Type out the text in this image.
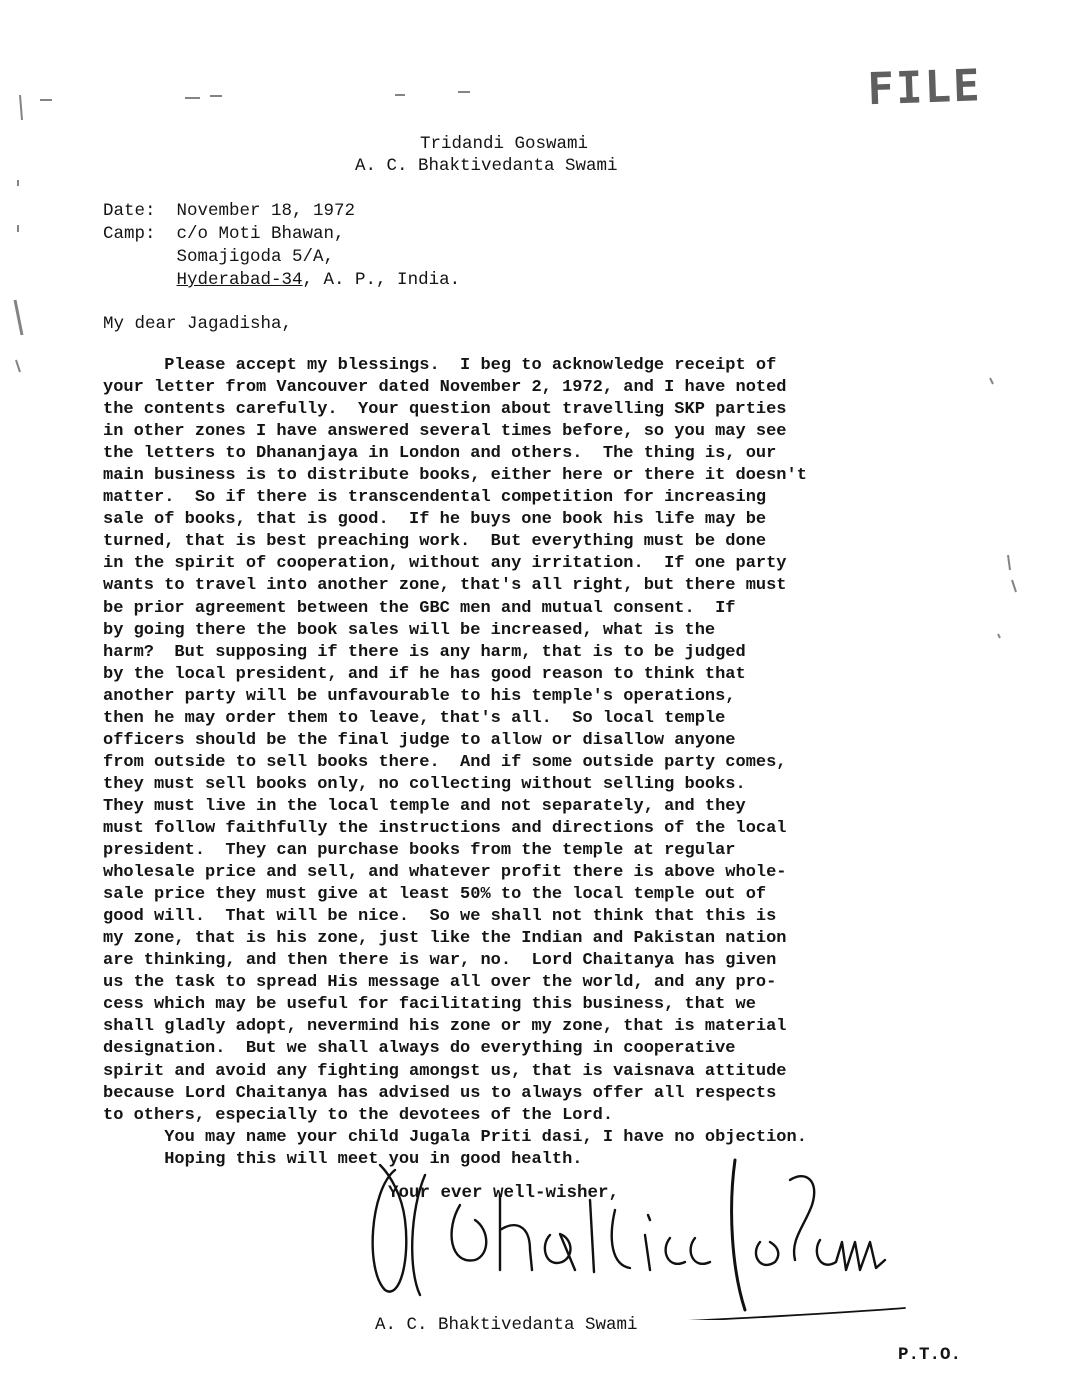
FILE
Tridandi Goswami
A. C. Bhaktivedanta Swami
Date: November 18, 1972
Camp: c/o Moti Bhawan,
Somajigoda 5/A,
Hyderabad-34, A. P., India.
My dear Jagadisha,
Please accept my blessings.  I beg to acknowledge receipt of
your letter from Vancouver dated November 2, 1972, and I have noted
the contents carefully.  Your question about travelling SKP parties
in other zones I have answered several times before, so you may see
the letters to Dhananjaya in London and others.  The thing is, our
main business is to distribute books, either here or there it doesn't
matter.  So if there is transcendental competition for increasing
sale of books, that is good.  If he buys one book his life may be
turned, that is best preaching work.  But everything must be done
in the spirit of cooperation, without any irritation.  If one party
wants to travel into another zone, that's all right, but there must
be prior agreement between the GBC men and mutual consent.  If
by going there the book sales will be increased, what is the
harm?  But supposing if there is any harm, that is to be judged
by the local president, and if he has good reason to think that
another party will be unfavourable to his temple's operations,
then he may order them to leave, that's all.  So local temple
officers should be the final judge to allow or disallow anyone
from outside to sell books there.  And if some outside party comes,
they must sell books only, no collecting without selling books.
They must live in the local temple and not separately, and they
must follow faithfully the instructions and directions of the local
president.  They can purchase books from the temple at regular
wholesale price and sell, and whatever profit there is above whole-
sale price they must give at least 50% to the local temple out of
good will.  That will be nice.  So we shall not think that this is
my zone, that is his zone, just like the Indian and Pakistan nation
are thinking, and then there is war, no.  Lord Chaitanya has given
us the task to spread His message all over the world, and any pro-
cess which may be useful for facilitating this business, that we
shall gladly adopt, nevermind his zone or my zone, that is material
designation.  But we shall always do everything in cooperative
spirit and avoid any fighting amongst us, that is vaisnava attitude
because Lord Chaitanya has advised us to always offer all respects
to others, especially to the devotees of the Lord.
You may name your child Jugala Priti dasi, I have no objection.
Hoping this will meet you in good health.
Your ever well-wisher,
A. C. Bhaktivedanta Swami
P.T.O.
